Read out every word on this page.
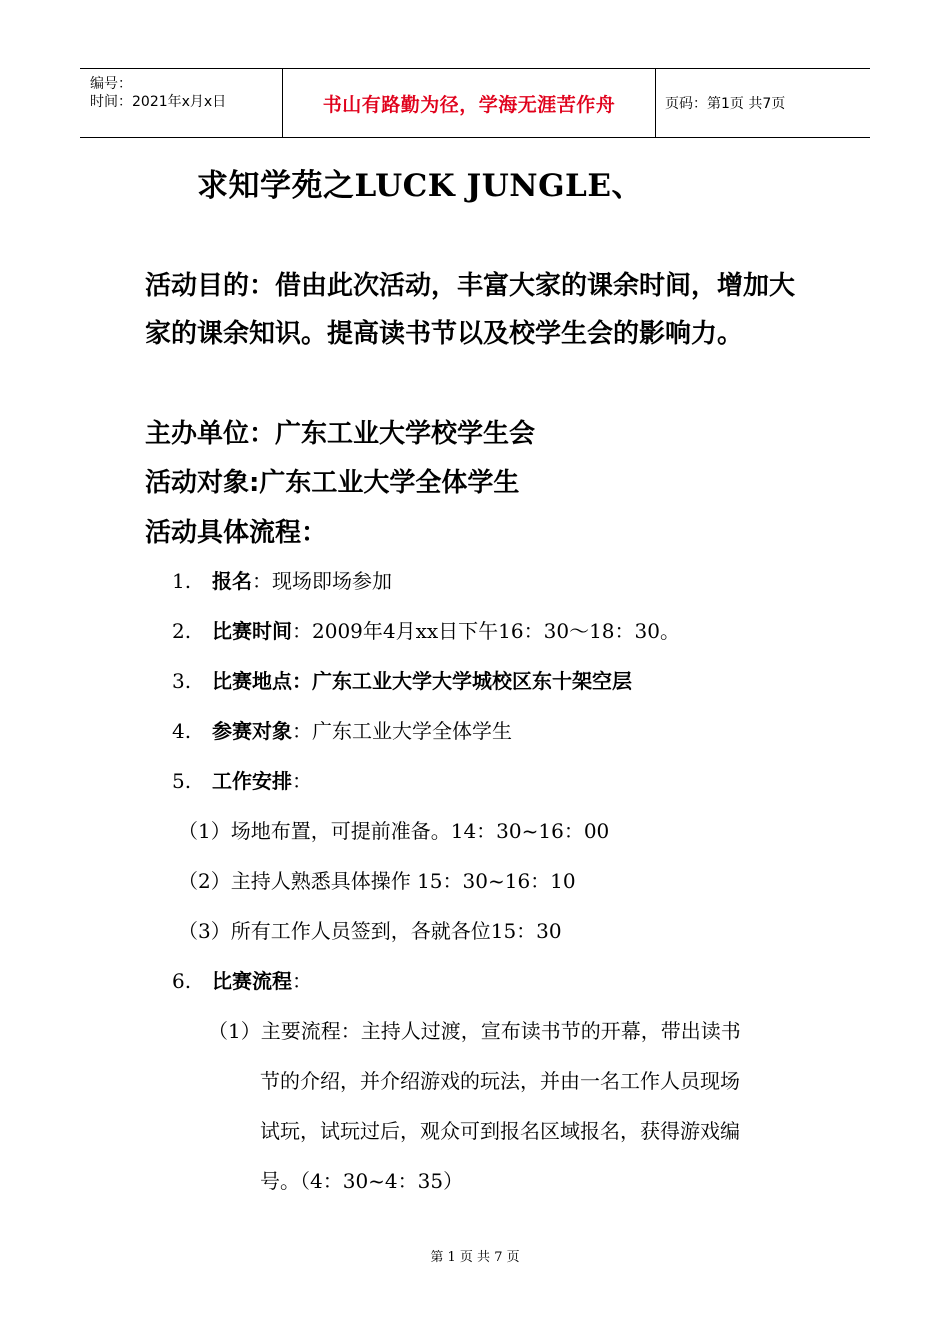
编号：
时间：2021年x月x日	书山有路勤为径，学海无涯苦作舟	页码：第1页 共7页
求知学苑之LUCK JUNGLE、
活动目的：借由此次活动，丰富大家的课余时间，增加大家的课余知识。提高读书节以及校学生会的影响力。
主办单位：广东工业大学校学生会
活动对象:广东工业大学全体学生
活动具体流程：
1. 报名：现场即场参加
2. 比赛时间：2009年4月xx日下午16：30～18：30。
3. 比赛地点：广东工业大学大学城校区东十架空层
4. 参赛对象：广东工业大学全体学生
5. 工作安排：
（1）场地布置，可提前准备。14：30~16：00
（2）主持人熟悉具体操作 15：30~16：10
（3）所有工作人员签到，各就各位15：30
6. 比赛流程：
（1）主要流程：主持人过渡，宣布读书节的开幕，带出读书
节的介绍，并介绍游戏的玩法，并由一名工作人员现场
试玩，试玩过后，观众可到报名区域报名，获得游戏编
号。（4：30~4：35）
第 1 页 共 7 页
